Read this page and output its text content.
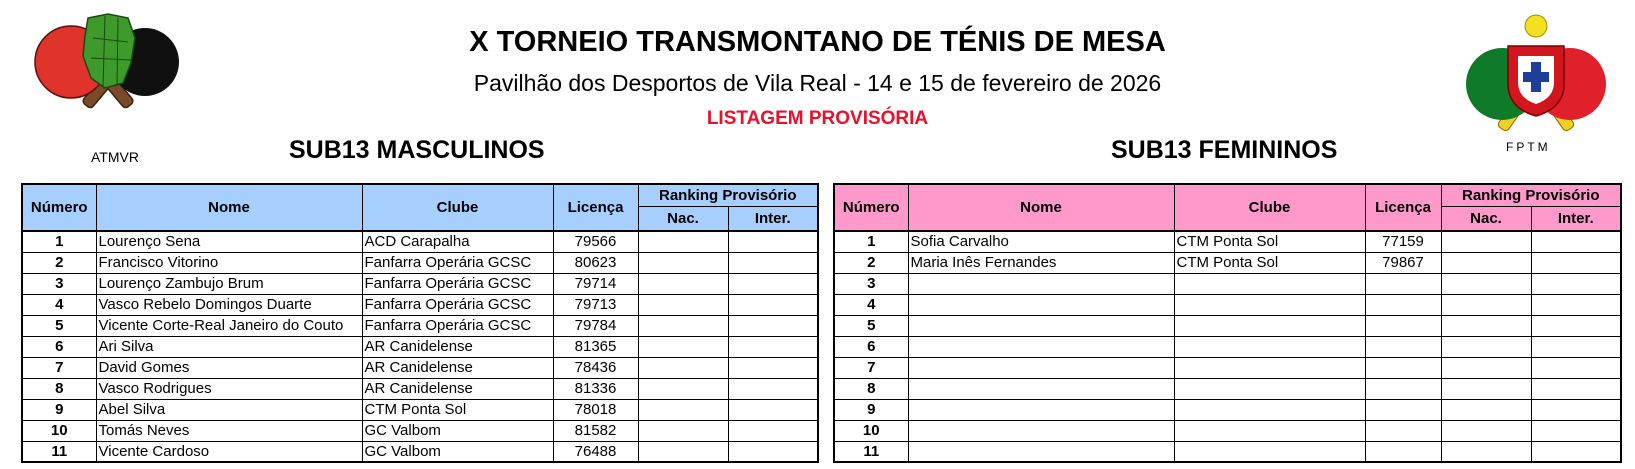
ATMVR
FPTM
X TORNEIO TRANSMONTANO DE TÉNIS DE MESA
Pavilhão dos Desportos de Vila Real - 14 e 15 de fevereiro de 2026
LISTAGEM PROVISÓRIA
SUB13 MASCULINOS	SUB13 FEMININOS
Número	Nome	Clube	Licença	Ranking Provisório	
				Nac.	Inter.
1	Lourenço Sena	ACD Carapalha	79566		
2	Francisco Vitorino	Fanfarra Operária GCSC	80623		
3	Lourenço Zambujo Brum	Fanfarra Operária GCSC	79714		
4	Vasco Rebelo Domingos Duarte	Fanfarra Operária GCSC	79713		
5	Vicente Corte-Real Janeiro do Couto	Fanfarra Operária GCSC	79784		
6	Ari Silva	AR Canidelense	81365		
7	David Gomes	AR Canidelense	78436		
8	Vasco Rodrigues	AR Canidelense	81336		
9	Abel Silva	CTM Ponta Sol	78018		
10	Tomás Neves	GC Valbom	81582		
11	Vicente Cardoso	GC Valbom	76488		
Número	Nome	Clube	Licença	Ranking Provisório	
				Nac.	Inter.
1	Sofia Carvalho	CTM Ponta Sol	77159		
2	Maria Inês Fernandes	CTM Ponta Sol	79867		
3					
4					
5					
6					
7					
8					
9					
10					
11					
